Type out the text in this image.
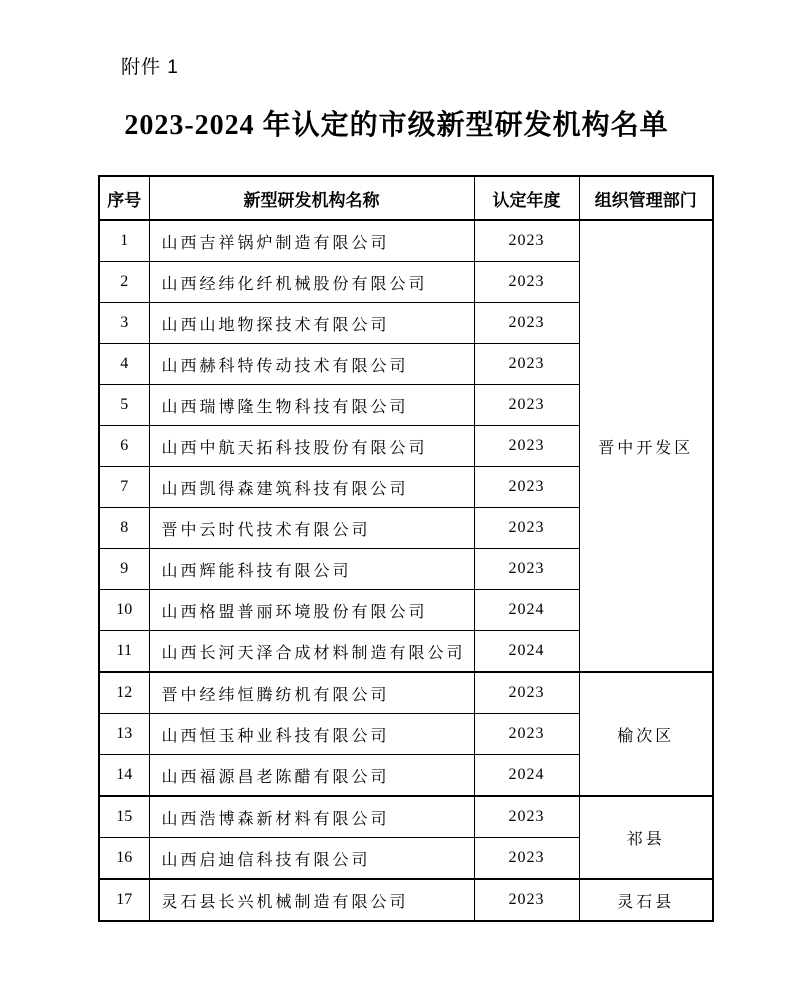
附件 1
2023-2024 年认定的市级新型研发机构名单
序号	新型研发机构名称	认定年度	组织管理部门
1	山西吉祥锅炉制造有限公司	2023	晋中开发区
2	山西经纬化纤机械股份有限公司	2023	
3	山西山地物探技术有限公司	2023	
4	山西赫科特传动技术有限公司	2023	
5	山西瑞博隆生物科技有限公司	2023	
6	山西中航天拓科技股份有限公司	2023	
7	山西凯得森建筑科技有限公司	2023	
8	晋中云时代技术有限公司	2023	
9	山西辉能科技有限公司	2023	
10	山西格盟普丽环境股份有限公司	2024	
11	山西长河天泽合成材料制造有限公司	2024	
12	晋中经纬恒腾纺机有限公司	2023	榆次区
13	山西恒玉种业科技有限公司	2023	
14	山西福源昌老陈醋有限公司	2024	
15	山西浩博森新材料有限公司	2023	祁县
16	山西启迪信科技有限公司	2023	
17	灵石县长兴机械制造有限公司	2023	灵石县
